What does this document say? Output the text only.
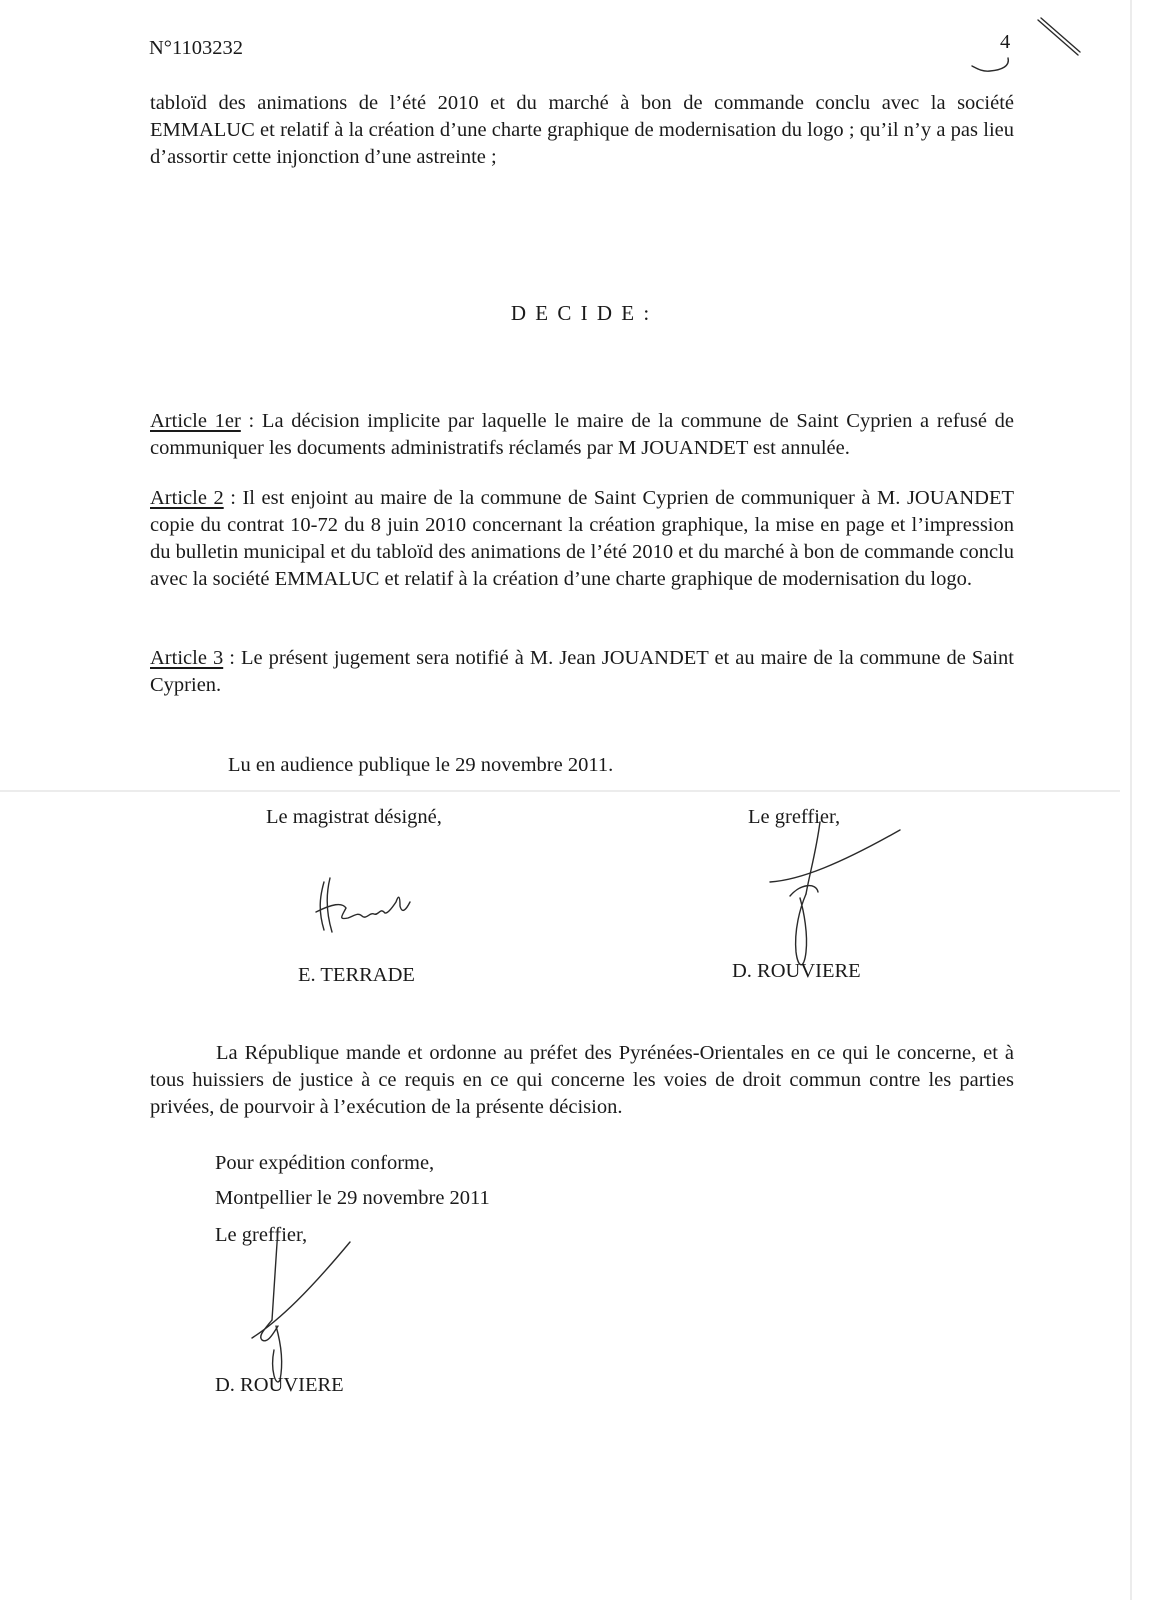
N°1103232	4

tabloïd des animations de l’été 2010 et du marché à bon de commande conclu avec la société EMMALUC et relatif à la création d’une charte graphique de modernisation du logo ; qu’il n’y a pas lieu d’assortir cette injonction d’une astreinte ;

D E C I D E :

Article 1er : La décision implicite par laquelle le maire de la commune de Saint Cyprien a refusé de communiquer les documents administratifs réclamés par M JOUANDET est annulée.

Article 2 : Il est enjoint au maire de la commune de Saint Cyprien de communiquer à M. JOUANDET copie du contrat 10-72 du 8 juin 2010 concernant la création graphique, la mise en page et l’impression du bulletin municipal et du tabloïd des animations de l’été 2010 et du marché à bon de commande conclu avec la société EMMALUC et relatif à la création d’une charte graphique de modernisation du logo.

Article 3 : Le présent jugement sera notifié à M. Jean JOUANDET et au maire de la commune de Saint Cyprien.

Lu en audience publique le 29 novembre 2011.

Le magistrat désigné,	Le greffier,

E. TERRADE	D. ROUVIERE

La République mande et ordonne au préfet des Pyrénées-Orientales en ce qui le concerne, et à tous huissiers de justice à ce requis en ce qui concerne les voies de droit commun contre les parties privées, de pourvoir à l’exécution de la présente décision.

Pour expédition conforme,

Montpellier le 29 novembre 2011

Le greffier,

D. ROUVIERE
